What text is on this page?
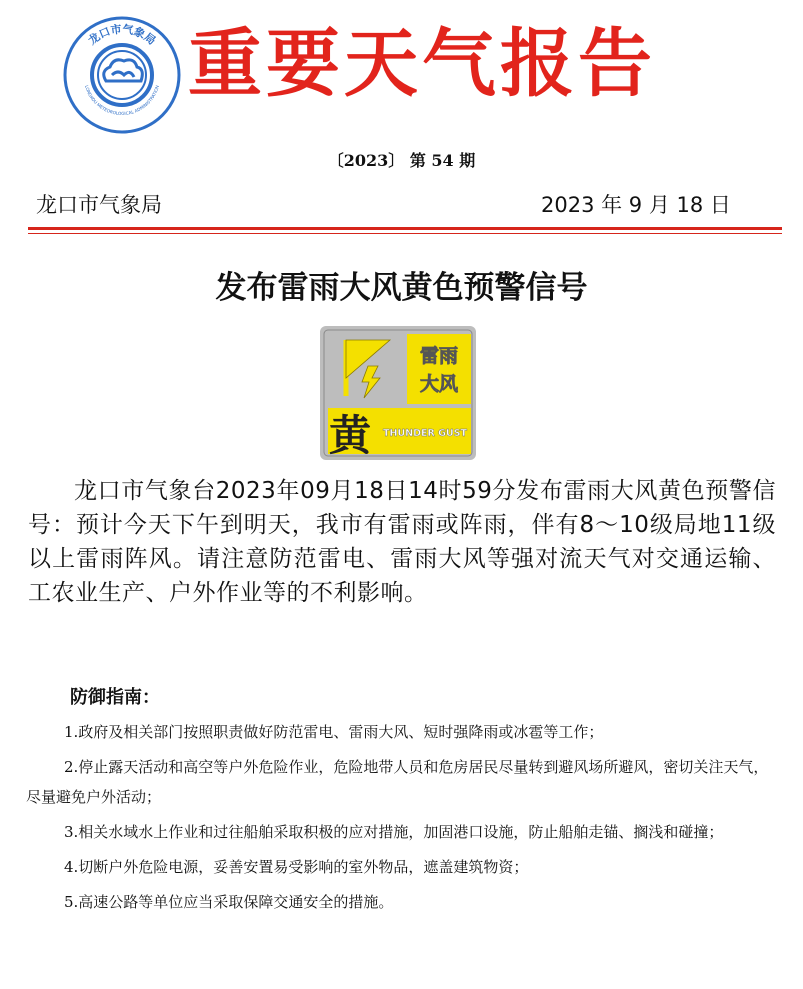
龙口市气象局
LONGKOU METEOROLOGICAL ADMINISTRATION 重要天气报告
〔2023〕 第 54 期
龙口市气象局	2023 年 9 月 18 日
发布雷雨大风黄色预警信号
雷雨
大风
黄 THUNDER GUST
龙口市气象台2023年09月18日14时59分发布雷雨大风黄色预警信号：预计今天下午到明天，我市有雷雨或阵雨，伴有8～10级局地11级以上雷雨阵风。请注意防范雷电、雷雨大风等强对流天气对交通运输、工农业生产、户外作业等的不利影响。
防御指南：
1.政府及相关部门按照职责做好防范雷电、雷雨大风、短时强降雨或冰雹等工作；
2.停止露天活动和高空等户外危险作业，危险地带人员和危房居民尽量转到避风场所避风，密切关注天气，尽量避免户外活动；
3.相关水域水上作业和过往船舶采取积极的应对措施，加固港口设施，防止船舶走锚、搁浅和碰撞；
4.切断户外危险电源，妥善安置易受影响的室外物品，遮盖建筑物资；
5.高速公路等单位应当采取保障交通安全的措施。
